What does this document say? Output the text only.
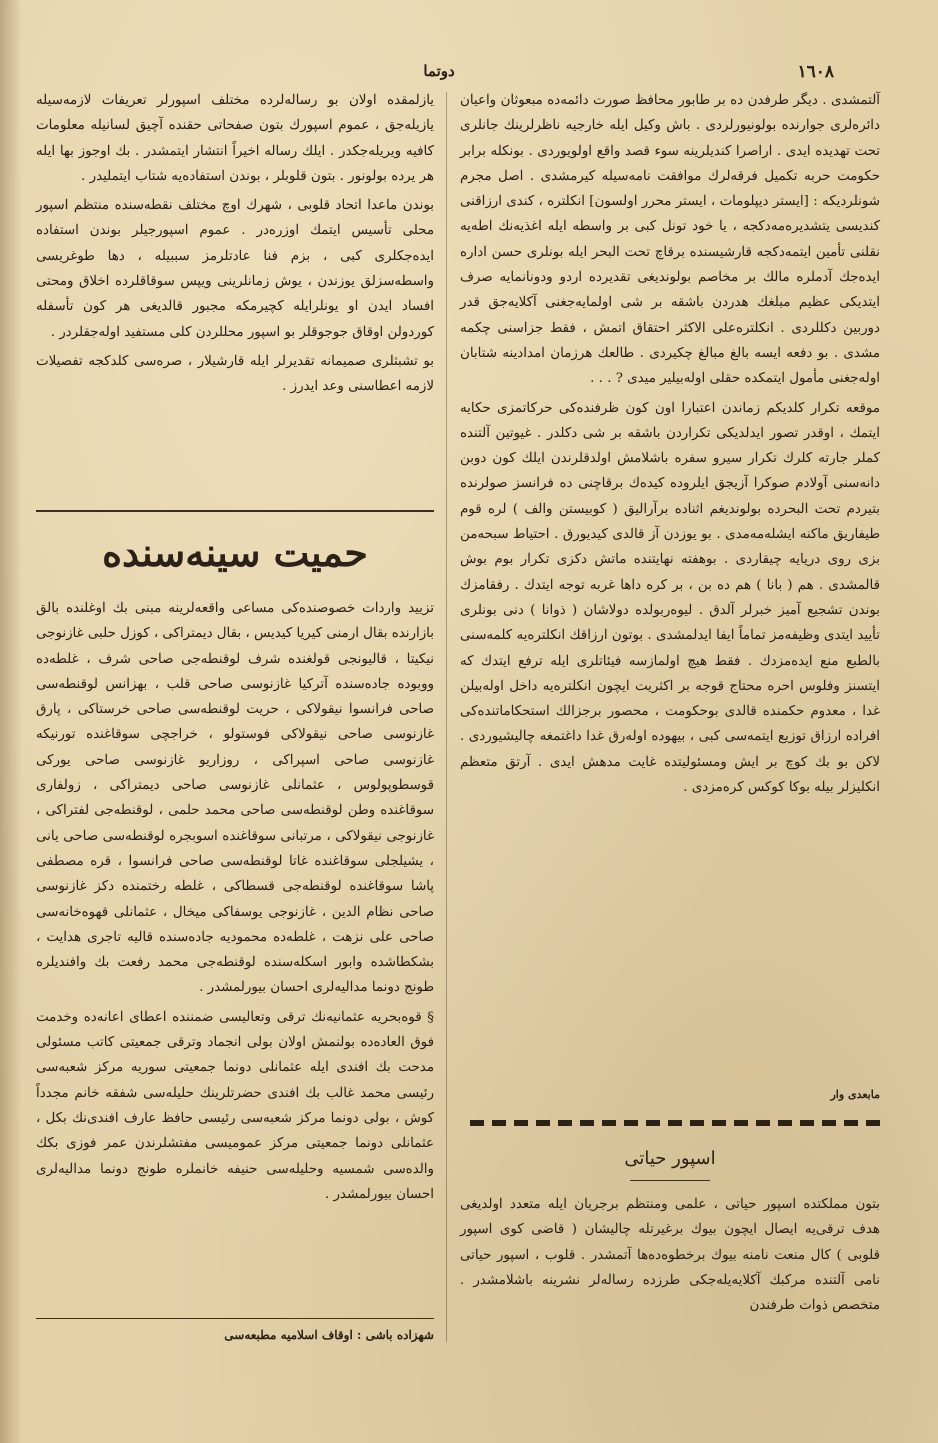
١٦٠٨
دوتما

آلتمشدى . ديگر طرفدن ده بر طابور محافظ صورت دائمه‌ده مبعوثان واعيان دائره‌لرى جوارنده بولونيورلردى . باش وكيل ايله خارجيه ناظرلرينك جانلرى تحت تهديده ايدى . اراصرا كنديلرينه سوء قصد واقع اولويوردى . بونكله برابر حكومت حربه تكميل فرقه‌لرك موافقت نامه‌سيله كيرمشدى . اصل مجرم شونلرديكه : [ايستر ديپلومات ، ايستر محرر اولسون] انكلتره ، كندى ارزاقنى كنديسى يتشديرەمەدكجه ، يا خود تونل كبى بر واسطه ايله اغذيه‌نك اطه‌يه نقلنى تأمين ايتمەدكجه قارشيسنده برقاچ تحت البحر ايله بونلرى حسن اداره ايده‌جك آدملره مالك بر مخاصم بولونديغى تقديرده اردو ودونانمايه صرف ايتديكى عظيم مبلغك هدردن باشقه بر شى اولمايه‌جغنى آكلايه‌جق قدر دوربين دكللردى . انكلتره‌على الاكثر احتقاق اتمش ، فقط جزاسنى چكمه مشدى . بو دفعه ايسه بالغ مبالغ چكيردى . طالعك هرزمان امدادينه شتابان اوله‌جغنى مأمول ايتمكده حقلى اوله‌بيلير ميدى ? . . .

موقعه تكرار كلديكم زماندن اعتبارا اون كون ظرفنده‌كى حركاتمزى حكايه ايتمك ، اوقدر تصور ايدلديكى تكراردن باشقه بر شى دكلدر . غيوتين آلتنده كملر جارته كلرك تكرار سيرو سفره باشلامش اولدقلرندن ايلك كون دوبن دانه‌سنى آولادم صوكرا آزيجق ايلروده كيده‌ك برقاچنى ده فرانسز صولرنده بتيردم تحت البحرده بولونديغم اثناده برآراليق ( كوبيستن والف ) لره قوم طيفاريق ماكنه ايشلەمەمدى . بو يوزدن آز قالدى كيديورق . احتياط سبحه‌من بزى روى دريايه چيقاردى . بوهفته نهايتنده ماتش دكزى تكرار بوم بوش قالمشدى . هم ( بانا ) هم ده بن ، بر كره داها غربه توجه ايتدك . رفقامزك بوندن تشجيع آميز خبرلر آلدق . ليوەربولده دولاشان ( ذوانا ) دنى بونلرى تأييد ايتدى وظيفه‌مز تماماً ايفا ايدلمشدى . بوتون ارزاقك انكلتره‌يه كلمه‌سنى بالطبع منع ايده‌مزدك . فقط هيچ اولمازسه فيئاتلرى ايله ترفع ايتدك كه ايتسنز وفلوس احره محتاج قوجه بر اكثريت ايچون انكلتره‌يه داخل اوله‌بيلن غدا ، معدوم حكمنده قالدى بوحكومت ، محصور برجزالك استحكاماتنده‌كى افراده ارزاق توزيع ايتمەسى كبى ، بيهوده اولەرق غدا داغتمغه چاليشيوردى . لاكن بو بك كوچ بر ايش ومسئوليتده غايت مدهش ايدى . آرتق متعظم انكليزلر بيله بوكا كوكس كرەمزدى .

مابعدى وار
اسپور حياتى

بتون مملكتده اسپور حياتى ، علمى ومنتظم برجريان ايله متعدد اولديغى هدف ترقى‌يه ايصال ايچون بيوك برغيرتله چاليشان ( قاضى كوى اسپور قلوبى ) كال منعت نامنه بيوك برخطوه‌ده‌ها آتمشدر . قلوب ، اسپور حياتى نامى آلتنده مركبك آكلايه‌يله‌جكى طرزده رساله‌لر نشرينه باشلامشدر . متخصص ذوات طرفندن

يازلمقده اولان بو رساله‌لرده مختلف اسپورلر تعريفات لازمه‌سيله يازيله‌جق ، عموم اسپورك بتون صفحاتى حقنده آچيق لسانيله معلومات كافيه ويريله‌جكدر . ايلك رساله اخيراً انتشار ايتمشدر . بك اوجوز بها ايله هر يرده بولونور . بتون قلوبلر ، بوندن استفاده‌يه شتاب ايتمليدر .

بوندن ماعدا اتحاد قلوبى ، شهرك اوچ مختلف نقطه‌سنده منتظم اسپور محلى تأسيس ايتمك اوزره‌در . عموم اسپورجيلر بوندن استفاده ايده‌جكلرى كبى ، بزم فنا عادتلرمز سببيله ، دها طوغريسى واسطه‌سزلق يوزندن ، يوش زمانلرينى ويپس سوقاقلرده اخلاق ومحتى افساد ايدن او يونلرايله كچيرمكه مجبور قالديغى هر كون تأسفله كوردولن اوقاق جوجوقلر بو اسپور محللردن كلى مستفيد اوله‌جقلردر .

بو تشبثلرى صميمانه تقديرلر ايله قارشيلار ، صره‌سى كلدكجه تفصيلات لازمه اعطاسنى وعد ايدرز .

حميت سينه‌سنده

تزييد واردات خصوصنده‌كى مساعى واقعه‌لرينه مبنى بك اوغلنده بالق بازارنده بقال ارمنى كيريا كيديس ، بقال ديمتراكى ، كوزل حلبى غازنوجى نيكيتا ، قاليونجى قولغنده شرف لوقنطه‌جى صاحى شرف ، غلطه‌ده ووبوده جاده‌سنده آتركيا غازنوسى صاحى قلب ، بهزانس لوقنطه‌سى صاحى فرانسوا نيقولاكى ، حريت لوقنطه‌سى صاحى خرستاكى ، پارق غازنوسى صاحى نيقولاكى فوستولو ، خراجچى سوقاغنده تورنيكه غازنوسى صاحى اسپراكى ، روزاريو غازنوسى صاحى يوركى قوسطوپولوس ، عثمانلى غازنوسى صاحى ديمتراكى ، زولفارى سوقاغنده وطن لوقنطه‌سى صاحى محمد حلمى ، لوقنطه‌جى لفتراكى ، غازنوجى نيقولاكى ، مرتبانى سوقاغنده اسوبجره لوقنطه‌سى صاحى يانى ، يشيلجلى سوقاغنده غاتا لوقنطه‌سى صاحى فرانسوا ، قره مصطفى پاشا سوقاغنده لوقنطه‌جى قسطاكى ، غلطه رختمنده دكز غازنوسى صاحى نظام الدين ، غازنوجى يوسفاكى ميخال ، عثمانلى قهوه‌خانه‌سى صاحى على نزهت ، غلطه‌ده محموديه جاده‌سنده قاليه تاجرى هدايت ، بشكطاشده وابور اسكله‌سنده لوقنطه‌جى محمد رفعت بك وافنديلره طونج دونما مداليه‌لرى احسان بيورلمشدر .

§ قوه‌بحريه عثمانيه‌نك ترقى وتعاليسى ضمننده اعطاى اعانه‌ده وخدمت فوق العاده‌ده بولنمش اولان بولى انجماد وترقى جمعيتى كاتب مسئولى مدحت بك افندى ايله عثمانلى دونما جمعيتى سوريه مركز شعبه‌سى رئيسى محمد غالب بك افندى حضرتلرينك حليله‌سى شفقه خانم مجدداً كوش ، بولى دونما مركز شعبه‌سى رئيسى حافظ عارف افندى‌نك بكل ، عثمانلى دونما جمعيتى مركز عموميسى مفتشلرندن عمر فوزى بكك والده‌سى شمسيه وحليله‌سى حنيفه خانملره طونج دونما مداليه‌لرى احسان بيورلمشدر .

شهزاده باشى : اوقاف اسلاميه مطبعه‌سى
